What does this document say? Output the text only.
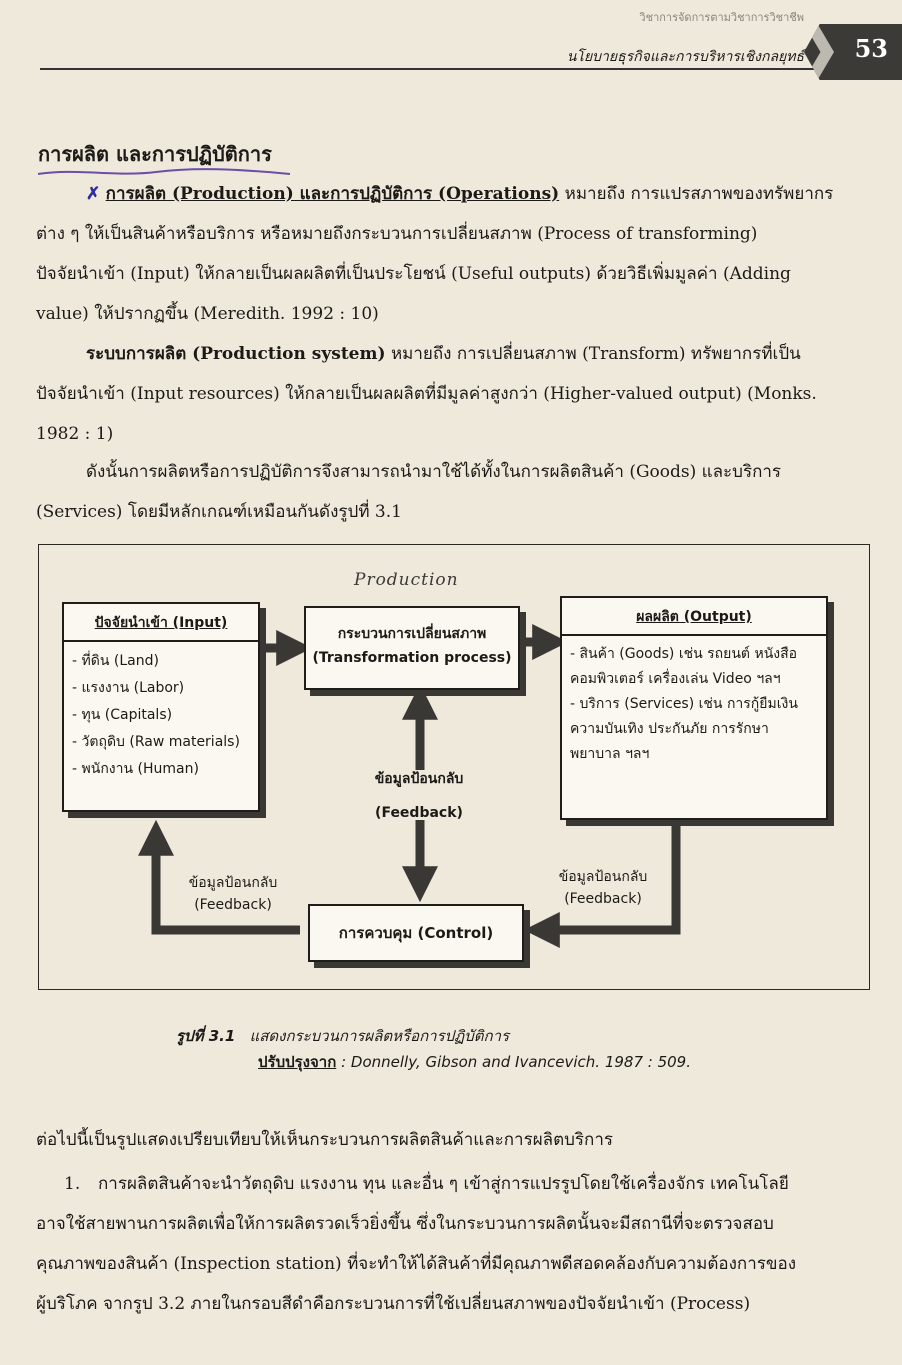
วิชาการจัดการตามวิชาการวิชาชีพ
นโยบายธุรกิจและการบริหารเชิงกลยุทธ์ 53
การผลิต และการปฏิบัติการ
✗ การผลิต (Production) และการปฏิบัติการ (Operations) หมายถึง การแปรสภาพของทรัพยากร
ต่าง ๆ ให้เป็นสินค้าหรือบริการ หรือหมายถึงกระบวนการเปลี่ยนสภาพ (Process of transforming)
ปัจจัยนำเข้า (Input) ให้กลายเป็นผลผลิตที่เป็นประโยชน์ (Useful outputs) ด้วยวิธีเพิ่มมูลค่า (Adding
value) ให้ปรากฏขึ้น (Meredith. 1992 : 10)
ระบบการผลิต (Production system) หมายถึง การเปลี่ยนสภาพ (Transform) ทรัพยากรที่เป็น
ปัจจัยนำเข้า (Input resources) ให้กลายเป็นผลผลิตที่มีมูลค่าสูงกว่า (Higher-valued output) (Monks.
1982 : 1)
ดังนั้นการผลิตหรือการปฏิบัติการจึงสามารถนำมาใช้ได้ทั้งในการผลิตสินค้า (Goods) และบริการ
(Services) โดยมีหลักเกณฑ์เหมือนกันดังรูปที่ 3.1
Production
ปัจจัยนำเข้า (Input)
- ที่ดิน (Land)
- แรงงาน (Labor)
- ทุน (Capitals)
- วัตถุดิบ (Raw materials)
- พนักงาน (Human)
กระบวนการเปลี่ยนสภาพ
(Transformation process)
ผลผลิต (Output)
- สินค้า (Goods) เช่น รถยนต์ หนังสือ คอมพิวเตอร์ เครื่องเล่น Video ฯลฯ
- บริการ (Services) เช่น การกู้ยืมเงิน ความบันเทิง ประกันภัย การรักษาพยาบาล ฯลฯ
การควบคุม (Control)
ข้อมูลป้อนกลับ
(Feedback)
ข้อมูลป้อนกลับ
(Feedback)
ข้อมูลป้อนกลับ
(Feedback)
รูปที่ 3.1 แสดงกระบวนการผลิตหรือการปฏิบัติการ
ปรับปรุงจาก : Donnelly, Gibson and Ivancevich. 1987 : 509.
ต่อไปนี้เป็นรูปแสดงเปรียบเทียบให้เห็นกระบวนการผลิตสินค้าและการผลิตบริการ
1. การผลิตสินค้าจะนำวัตถุดิบ แรงงาน ทุน และอื่น ๆ เข้าสู่การแปรรูปโดยใช้เครื่องจักร เทคโนโลยี
อาจใช้สายพานการผลิตเพื่อให้การผลิตรวดเร็วยิ่งขึ้น ซึ่งในกระบวนการผลิตนั้นจะมีสถานีที่จะตรวจสอบ
คุณภาพของสินค้า (Inspection station) ที่จะทำให้ได้สินค้าที่มีคุณภาพดีสอดคล้องกับความต้องการของ
ผู้บริโภค จากรูป 3.2 ภายในกรอบสีดำคือกระบวนการที่ใช้เปลี่ยนสภาพของปัจจัยนำเข้า (Process)
